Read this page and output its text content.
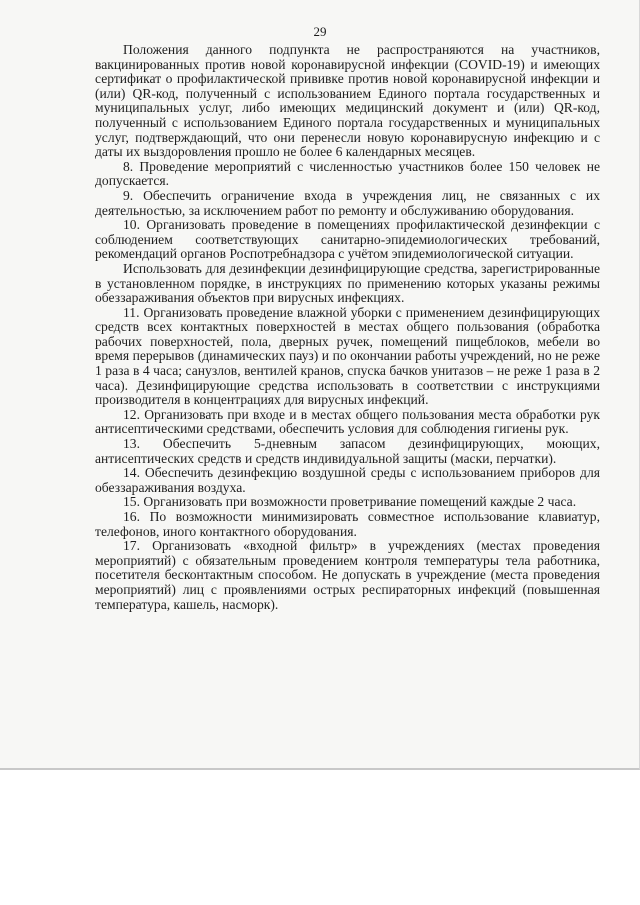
29

Положения данного подпункта не распространяются на участников, вакцинированных против новой коронавирусной инфекции (COVID-19) и имеющих сертификат о профилактической прививке против новой коронавирусной инфекции и (или) QR-код, полученный с использованием Единого портала государственных и муниципальных услуг, либо имеющих медицинский документ и (или) QR-код, полученный с использованием Единого портала государственных и муниципальных услуг, подтверждающий, что они перенесли новую коронавирусную инфекцию и с даты их выздоровления прошло не более 6 календарных месяцев.

8. Проведение мероприятий с численностью участников более 150 человек не допускается.

9. Обеспечить ограничение входа в учреждения лиц, не связанных с их деятельностью, за исключением работ по ремонту и обслуживанию оборудования.

10. Организовать проведение в помещениях профилактической дезинфекции с соблюдением соответствующих санитарно-эпидемиологических требований, рекомендаций органов Роспотребнадзора с учётом эпидемиологической ситуации.

Использовать для дезинфекции дезинфицирующие средства, зарегистрированные в установленном порядке, в инструкциях по применению которых указаны режимы обеззараживания объектов при вирусных инфекциях.

11. Организовать проведение влажной уборки с применением дезинфицирующих средств всех контактных поверхностей в местах общего пользования (обработка рабочих поверхностей, пола, дверных ручек, помещений пищеблоков, мебели во время перерывов (динамических пауз) и по окончании работы учреждений, но не реже 1 раза в 4 часа; санузлов, вентилей кранов, спуска бачков унитазов – не реже 1 раза в 2 часа). Дезинфицирующие средства использовать в соответствии с инструкциями производителя в концентрациях для вирусных инфекций.

12. Организовать при входе и в местах общего пользования места обработки рук антисептическими средствами, обеспечить условия для соблюдения гигиены рук.

13. Обеспечить 5-дневным запасом дезинфицирующих, моющих, антисептических средств и средств индивидуальной защиты (маски, перчатки).

14. Обеспечить дезинфекцию воздушной среды с использованием приборов для обеззараживания воздуха.

15. Организовать при возможности проветривание помещений каждые 2 часа.

16. По возможности минимизировать совместное использование клавиатур, телефонов, иного контактного оборудования.

17. Организовать «входной фильтр» в учреждениях (местах проведения мероприятий) с обязательным проведением контроля температуры тела работника, посетителя бесконтактным способом. Не допускать в учреждение (места проведения мероприятий) лиц с проявлениями острых респираторных инфекций (повышенная температура, кашель, насморк).
